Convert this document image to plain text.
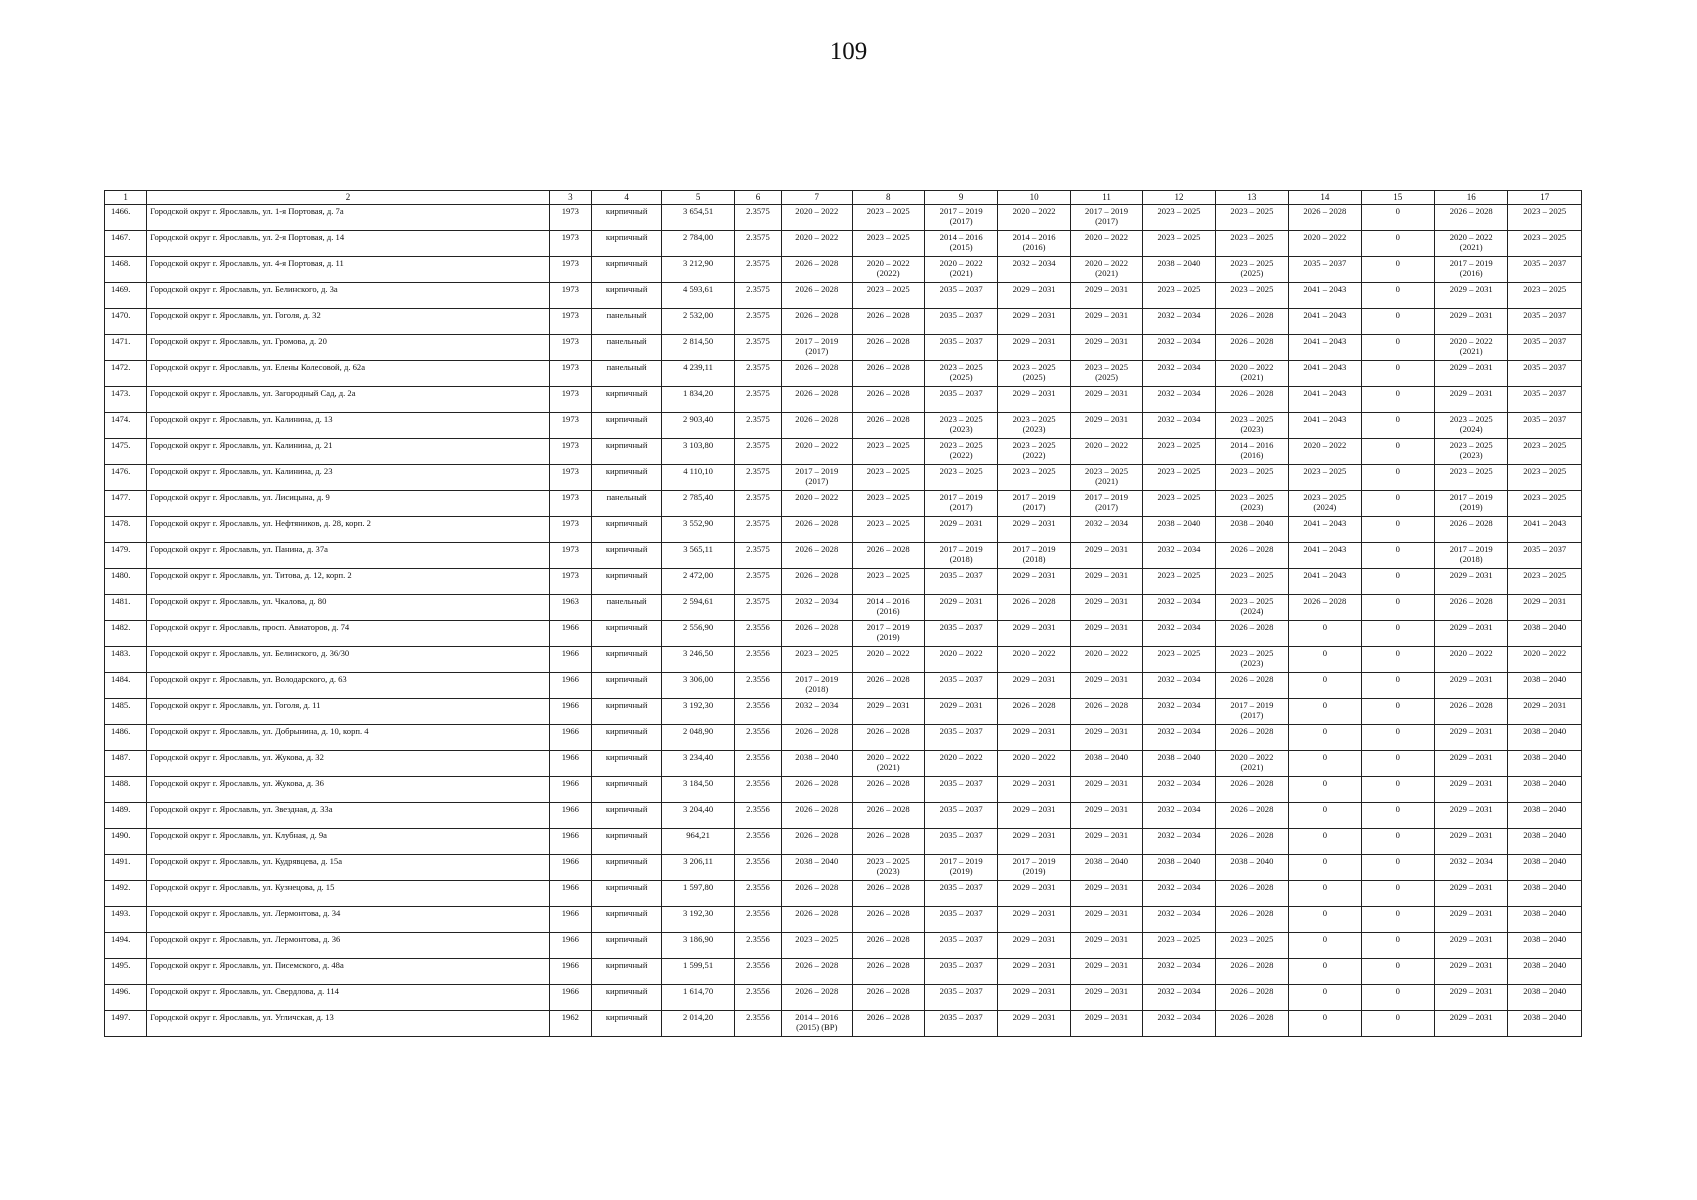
109
1	2	3	4	5	6	7	8	9	10	11	12	13	14	15	16	17
1466.	Городской округ г. Ярославль, ул. 1-я Портовая, д. 7а	1973	кирпичный	3 654,51	2.3575	2020 – 2022	2023 – 2025	2017 – 2019
(2017)	2020 – 2022	2017 – 2019
(2017)	2023 – 2025	2023 – 2025	2026 – 2028	0	2026 – 2028	2023 – 2025
1467.	Городской округ г. Ярославль, ул. 2-я Портовая, д. 14	1973	кирпичный	2 784,00	2.3575	2020 – 2022	2023 – 2025	2014 – 2016
(2015)	2014 – 2016
(2016)	2020 – 2022	2023 – 2025	2023 – 2025	2020 – 2022	0	2020 – 2022
(2021)	2023 – 2025
1468.	Городской округ г. Ярославль, ул. 4-я Портовая, д. 11	1973	кирпичный	3 212,90	2.3575	2026 – 2028	2020 – 2022
(2022)	2020 – 2022
(2021)	2032 – 2034	2020 – 2022
(2021)	2038 – 2040	2023 – 2025
(2025)	2035 – 2037	0	2017 – 2019
(2016)	2035 – 2037
1469.	Городской округ г. Ярославль, ул. Белинского, д. 3а	1973	кирпичный	4 593,61	2.3575	2026 – 2028	2023 – 2025	2035 – 2037	2029 – 2031	2029 – 2031	2023 – 2025	2023 – 2025	2041 – 2043	0	2029 – 2031	2023 – 2025
1470.	Городской округ г. Ярославль, ул. Гоголя, д. 32	1973	панельный	2 532,00	2.3575	2026 – 2028	2026 – 2028	2035 – 2037	2029 – 2031	2029 – 2031	2032 – 2034	2026 – 2028	2041 – 2043	0	2029 – 2031	2035 – 2037
1471.	Городской округ г. Ярославль, ул. Громова, д. 20	1973	панельный	2 814,50	2.3575	2017 – 2019
(2017)	2026 – 2028	2035 – 2037	2029 – 2031	2029 – 2031	2032 – 2034	2026 – 2028	2041 – 2043	0	2020 – 2022
(2021)	2035 – 2037
1472.	Городской округ г. Ярославль, ул. Елены Колесовой, д. 62а	1973	панельный	4 239,11	2.3575	2026 – 2028	2026 – 2028	2023 – 2025
(2025)	2023 – 2025
(2025)	2023 – 2025
(2025)	2032 – 2034	2020 – 2022
(2021)	2041 – 2043	0	2029 – 2031	2035 – 2037
1473.	Городской округ г. Ярославль, ул. Загородный Сад, д. 2а	1973	кирпичный	1 834,20	2.3575	2026 – 2028	2026 – 2028	2035 – 2037	2029 – 2031	2029 – 2031	2032 – 2034	2026 – 2028	2041 – 2043	0	2029 – 2031	2035 – 2037
1474.	Городской округ г. Ярославль, ул. Калинина, д. 13	1973	кирпичный	2 903,40	2.3575	2026 – 2028	2026 – 2028	2023 – 2025
(2023)	2023 – 2025
(2023)	2029 – 2031	2032 – 2034	2023 – 2025
(2023)	2041 – 2043	0	2023 – 2025
(2024)	2035 – 2037
1475.	Городской округ г. Ярославль, ул. Калинина, д. 21	1973	кирпичный	3 103,80	2.3575	2020 – 2022	2023 – 2025	2023 – 2025
(2022)	2023 – 2025
(2022)	2020 – 2022	2023 – 2025	2014 – 2016
(2016)	2020 – 2022	0	2023 – 2025
(2023)	2023 – 2025
1476.	Городской округ г. Ярославль, ул. Калинина, д. 23	1973	кирпичный	4 110,10	2.3575	2017 – 2019
(2017)	2023 – 2025	2023 – 2025	2023 – 2025	2023 – 2025
(2021)	2023 – 2025	2023 – 2025	2023 – 2025	0	2023 – 2025	2023 – 2025
1477.	Городской округ г. Ярославль, ул. Лисицына, д. 9	1973	панельный	2 785,40	2.3575	2020 – 2022	2023 – 2025	2017 – 2019
(2017)	2017 – 2019
(2017)	2017 – 2019
(2017)	2023 – 2025	2023 – 2025
(2023)	2023 – 2025
(2024)	0	2017 – 2019
(2019)	2023 – 2025
1478.	Городской округ г. Ярославль, ул. Нефтяников, д. 28, корп. 2	1973	кирпичный	3 552,90	2.3575	2026 – 2028	2023 – 2025	2029 – 2031	2029 – 2031	2032 – 2034	2038 – 2040	2038 – 2040	2041 – 2043	0	2026 – 2028	2041 – 2043
1479.	Городской округ г. Ярославль, ул. Панина, д. 37а	1973	кирпичный	3 565,11	2.3575	2026 – 2028	2026 – 2028	2017 – 2019
(2018)	2017 – 2019
(2018)	2029 – 2031	2032 – 2034	2026 – 2028	2041 – 2043	0	2017 – 2019
(2018)	2035 – 2037
1480.	Городской округ г. Ярославль, ул. Титова, д. 12, корп. 2	1973	кирпичный	2 472,00	2.3575	2026 – 2028	2023 – 2025	2035 – 2037	2029 – 2031	2029 – 2031	2023 – 2025	2023 – 2025	2041 – 2043	0	2029 – 2031	2023 – 2025
1481.	Городской округ г. Ярославль, ул. Чкалова, д. 80	1963	панельный	2 594,61	2.3575	2032 – 2034	2014 – 2016
(2016)	2029 – 2031	2026 – 2028	2029 – 2031	2032 – 2034	2023 – 2025
(2024)	2026 – 2028	0	2026 – 2028	2029 – 2031
1482.	Городской округ г. Ярославль, просп. Авиаторов, д. 74	1966	кирпичный	2 556,90	2.3556	2026 – 2028	2017 – 2019
(2019)	2035 – 2037	2029 – 2031	2029 – 2031	2032 – 2034	2026 – 2028	0	0	2029 – 2031	2038 – 2040
1483.	Городской округ г. Ярославль, ул. Белинского, д. 36/30	1966	кирпичный	3 246,50	2.3556	2023 – 2025	2020 – 2022	2020 – 2022	2020 – 2022	2020 – 2022	2023 – 2025	2023 – 2025
(2023)	0	0	2020 – 2022	2020 – 2022
1484.	Городской округ г. Ярославль, ул. Володарского, д. 63	1966	кирпичный	3 306,00	2.3556	2017 – 2019
(2018)	2026 – 2028	2035 – 2037	2029 – 2031	2029 – 2031	2032 – 2034	2026 – 2028	0	0	2029 – 2031	2038 – 2040
1485.	Городской округ г. Ярославль, ул. Гоголя, д. 11	1966	кирпичный	3 192,30	2.3556	2032 – 2034	2029 – 2031	2029 – 2031	2026 – 2028	2026 – 2028	2032 – 2034	2017 – 2019
(2017)	0	0	2026 – 2028	2029 – 2031
1486.	Городской округ г. Ярославль, ул. Добрынина, д. 10, корп. 4	1966	кирпичный	2 048,90	2.3556	2026 – 2028	2026 – 2028	2035 – 2037	2029 – 2031	2029 – 2031	2032 – 2034	2026 – 2028	0	0	2029 – 2031	2038 – 2040
1487.	Городской округ г. Ярославль, ул. Жукова, д. 32	1966	кирпичный	3 234,40	2.3556	2038 – 2040	2020 – 2022
(2021)	2020 – 2022	2020 – 2022	2038 – 2040	2038 – 2040	2020 – 2022
(2021)	0	0	2029 – 2031	2038 – 2040
1488.	Городской округ г. Ярославль, ул. Жукова, д. 36	1966	кирпичный	3 184,50	2.3556	2026 – 2028	2026 – 2028	2035 – 2037	2029 – 2031	2029 – 2031	2032 – 2034	2026 – 2028	0	0	2029 – 2031	2038 – 2040
1489.	Городской округ г. Ярославль, ул. Звездная, д. 33а	1966	кирпичный	3 204,40	2.3556	2026 – 2028	2026 – 2028	2035 – 2037	2029 – 2031	2029 – 2031	2032 – 2034	2026 – 2028	0	0	2029 – 2031	2038 – 2040
1490.	Городской округ г. Ярославль, ул. Клубная, д. 9а	1966	кирпичный	964,21	2.3556	2026 – 2028	2026 – 2028	2035 – 2037	2029 – 2031	2029 – 2031	2032 – 2034	2026 – 2028	0	0	2029 – 2031	2038 – 2040
1491.	Городской округ г. Ярославль, ул. Кудрявцева, д. 15а	1966	кирпичный	3 206,11	2.3556	2038 – 2040	2023 – 2025
(2023)	2017 – 2019
(2019)	2017 – 2019
(2019)	2038 – 2040	2038 – 2040	2038 – 2040	0	0	2032 – 2034	2038 – 2040
1492.	Городской округ г. Ярославль, ул. Кузнецова, д. 15	1966	кирпичный	1 597,80	2.3556	2026 – 2028	2026 – 2028	2035 – 2037	2029 – 2031	2029 – 2031	2032 – 2034	2026 – 2028	0	0	2029 – 2031	2038 – 2040
1493.	Городской округ г. Ярославль, ул. Лермонтова, д. 34	1966	кирпичный	3 192,30	2.3556	2026 – 2028	2026 – 2028	2035 – 2037	2029 – 2031	2029 – 2031	2032 – 2034	2026 – 2028	0	0	2029 – 2031	2038 – 2040
1494.	Городской округ г. Ярославль, ул. Лермонтова, д. 36	1966	кирпичный	3 186,90	2.3556	2023 – 2025	2026 – 2028	2035 – 2037	2029 – 2031	2029 – 2031	2023 – 2025	2023 – 2025	0	0	2029 – 2031	2038 – 2040
1495.	Городской округ г. Ярославль, ул. Писемского, д. 48а	1966	кирпичный	1 599,51	2.3556	2026 – 2028	2026 – 2028	2035 – 2037	2029 – 2031	2029 – 2031	2032 – 2034	2026 – 2028	0	0	2029 – 2031	2038 – 2040
1496.	Городской округ г. Ярославль, ул. Свердлова, д. 114	1966	кирпичный	1 614,70	2.3556	2026 – 2028	2026 – 2028	2035 – 2037	2029 – 2031	2029 – 2031	2032 – 2034	2026 – 2028	0	0	2029 – 2031	2038 – 2040
1497.	Городской округ г. Ярославль, ул. Угличская, д. 13	1962	кирпичный	2 014,20	2.3556	2014 – 2016
(2015) (ВР)	2026 – 2028	2035 – 2037	2029 – 2031	2029 – 2031	2032 – 2034	2026 – 2028	0	0	2029 – 2031	2038 – 2040
